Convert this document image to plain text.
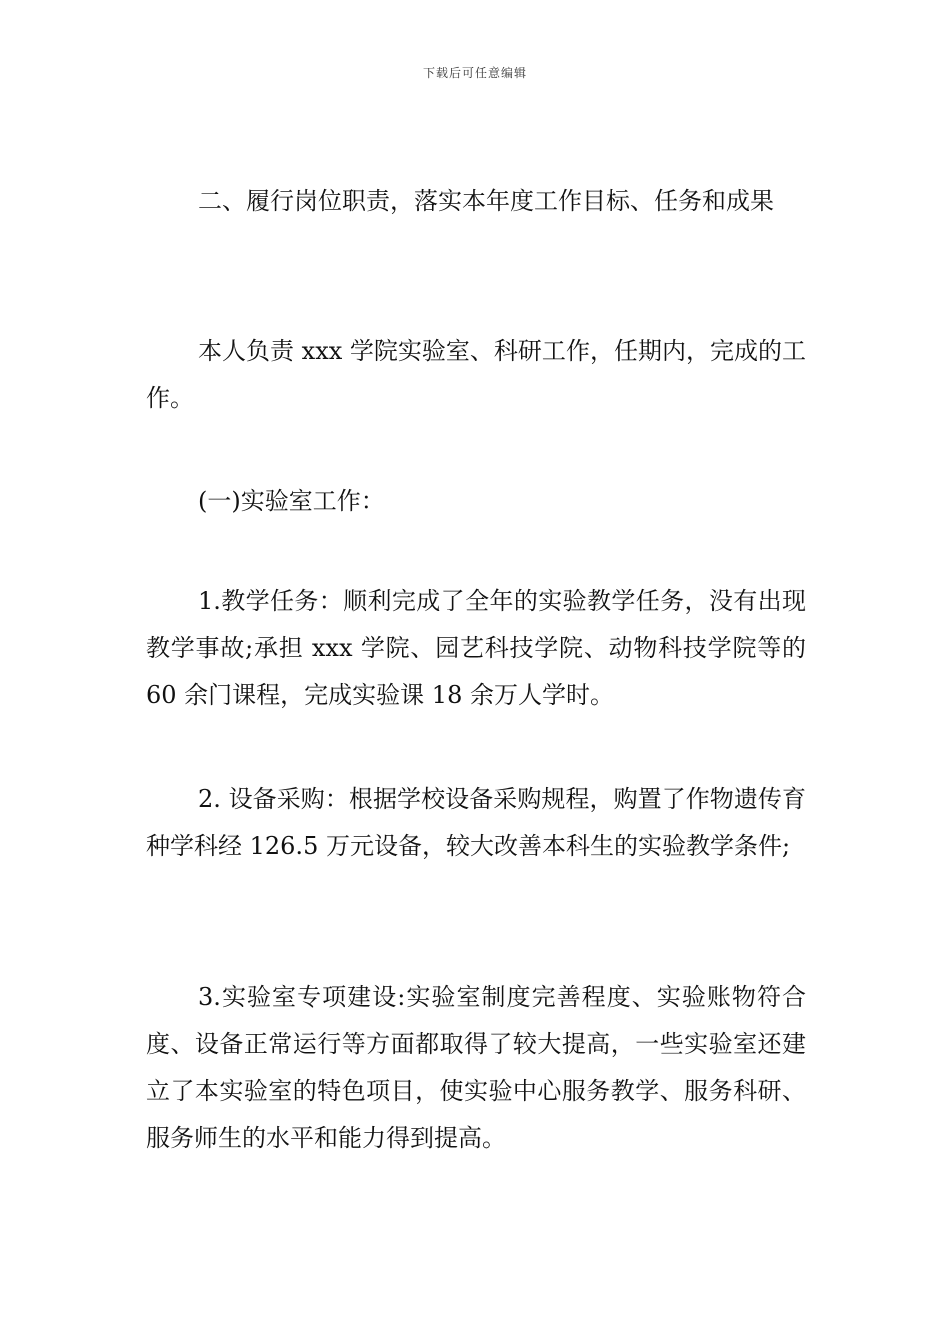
下载后可任意编辑

二、履行岗位职责，落实本年度工作目标、任务和成果

本人负责 xxx 学院实验室、科研工作，任期内，完成的工作。

(一)实验室工作：

1.教学任务：顺利完成了全年的实验教学任务，没有出现教学事故;承担 xxx 学院、园艺科技学院、动物科技学院等的 60 余门课程，完成实验课 18 余万人学时。

2. 设备采购：根据学校设备采购规程，购置了作物遗传育种学科经 126.5 万元设备，较大改善本科生的实验教学条件;

3.实验室专项建设:实验室制度完善程度、实验账物符合度、设备正常运行等方面都取得了较大提高，一些实验室还建立了本实验室的特色项目，使实验中心服务教学、服务科研、服务师生的水平和能力得到提高。
